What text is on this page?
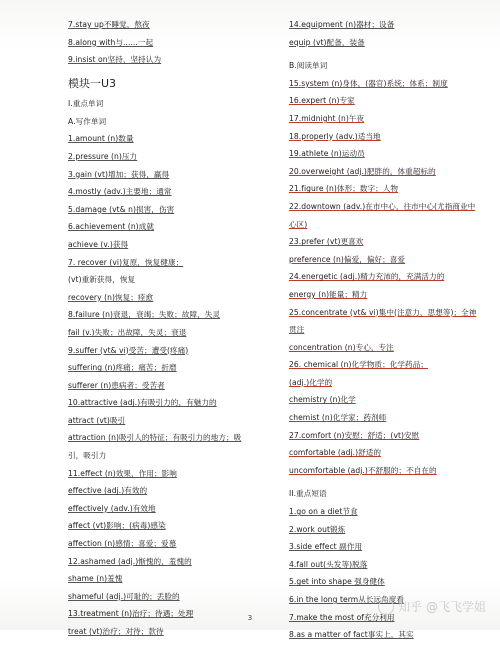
7.stay up不睡觉，熬夜
8.along with与......一起
9.insist on坚持，坚持认为
模块一U3
I.重点单词
A.写作单词
1.amount (n)数量
2.pressure (n)压力
3.gain (vt)增加；获得，赢得
4.mostly (adv.)主要地；通常
5.damage (vt& n)损害，伤害
6.achievement (n)成就
achieve (v.)获得
7. recover (vi)复原，恢复健康；
(vt)重新获得，恢复
recovery (n)恢复；痊愈
8.failure (n)衰退，衰竭；失败；故障，失灵
fail (v.)失败；出故障，失灵；衰退
9.suffer (vt& vi)受苦；遭受(疼痛)
suffering (n)疼痛；痛苦；折磨
sufferer (n)患病者；受苦者
10.attractive (adj.)有吸引力的，有魅力的
attract (vt)吸引
attraction (n)吸引人的特征；有吸引力的地方；吸
引，吸引力
11.effect (n)效果，作用；影响
effective (adj.)有效的
effectively (adv.)有效地
affect (vt)影响；(病毒)感染
affection (n)感情；喜爱；爱慕
12.ashamed (adj.)惭愧的，羞愧的
shame (n)羞愧
shameful (adj.)可耻的；丢脸的
13.treatment (n)治疗；待遇；处理
treat (vt)治疗；对待；款待
14.equipment (n)器材；设备
equip (vt)配备，装备
B.阅读单词
15.system (n)身体，(器官)系统；体系；制度
16.expert (n)专家
17.midnight (n)午夜
18.properly (adv.)适当地
19.athlete (n)运动员
20.overweight (adj.)肥胖的，体重超标的
21.figure (n)体形；数字；人物
22.downtown (adv.)在市中心，往市中心(尤指商业中
心区)
23.prefer (vt)更喜欢
preference (n)偏爱，偏好；喜爱
24.energetic (adj.)精力充沛的，充满活力的
energy (n)能量；精力
25.concentrate (vt& vi)集中(注意力，思想等)；全神
贯注
concentration (n)专心，专注
26. chemical (n)化学物质；化学药品；
(adj.)化学的
chemistry (n)化学
chemist (n)化学家；药剂师
27.comfort (n)安慰；舒适；(vt)安慰
comfortable (adj.)舒适的
uncomfortable (adj.)不舒服的；不自在的
II.重点短语
1.go on a diet节食
2.work out锻炼
3.side effect 副作用
4.fall out(头发等)脱落
5.get into shape 强身健体
6.in the long term从长远角度看
7.make the most of充分利用
8.as a matter of fact事实上，其实
3
知乎 @飞飞学姐
